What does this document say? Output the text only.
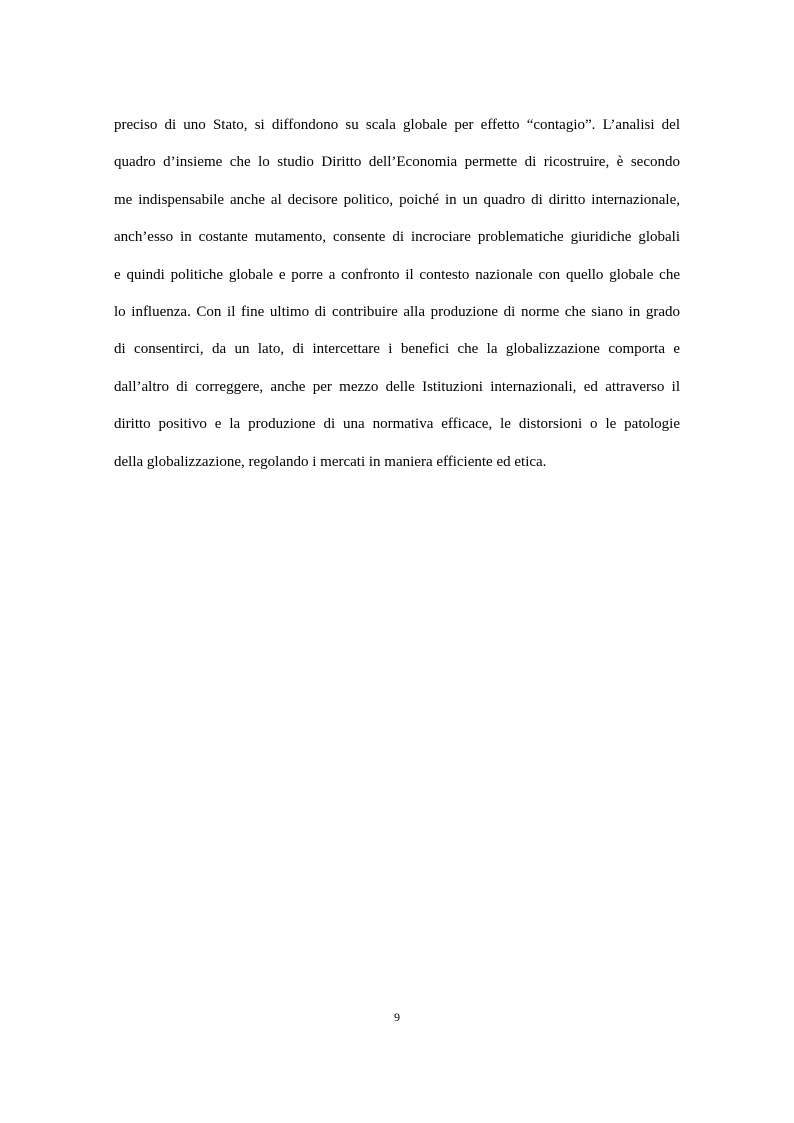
preciso di uno Stato, si diffondono su scala globale per effetto “contagio”. L’analisi del
quadro d’insieme che lo studio Diritto dell’Economia permette di ricostruire, è secondo
me indispensabile anche al decisore politico, poiché in un quadro di diritto internazionale,
anch’esso in costante mutamento, consente di incrociare problematiche giuridiche globali
e quindi politiche globale e porre a confronto il contesto nazionale con quello globale che
lo influenza. Con il fine ultimo di contribuire alla produzione di norme che siano in grado
di consentirci, da un lato, di intercettare i benefici che la globalizzazione comporta e
dall’altro di correggere, anche per mezzo delle Istituzioni internazionali, ed attraverso il
diritto positivo e la produzione di una normativa efficace, le distorsioni o le patologie
della globalizzazione, regolando i mercati in maniera efficiente ed etica.
9
